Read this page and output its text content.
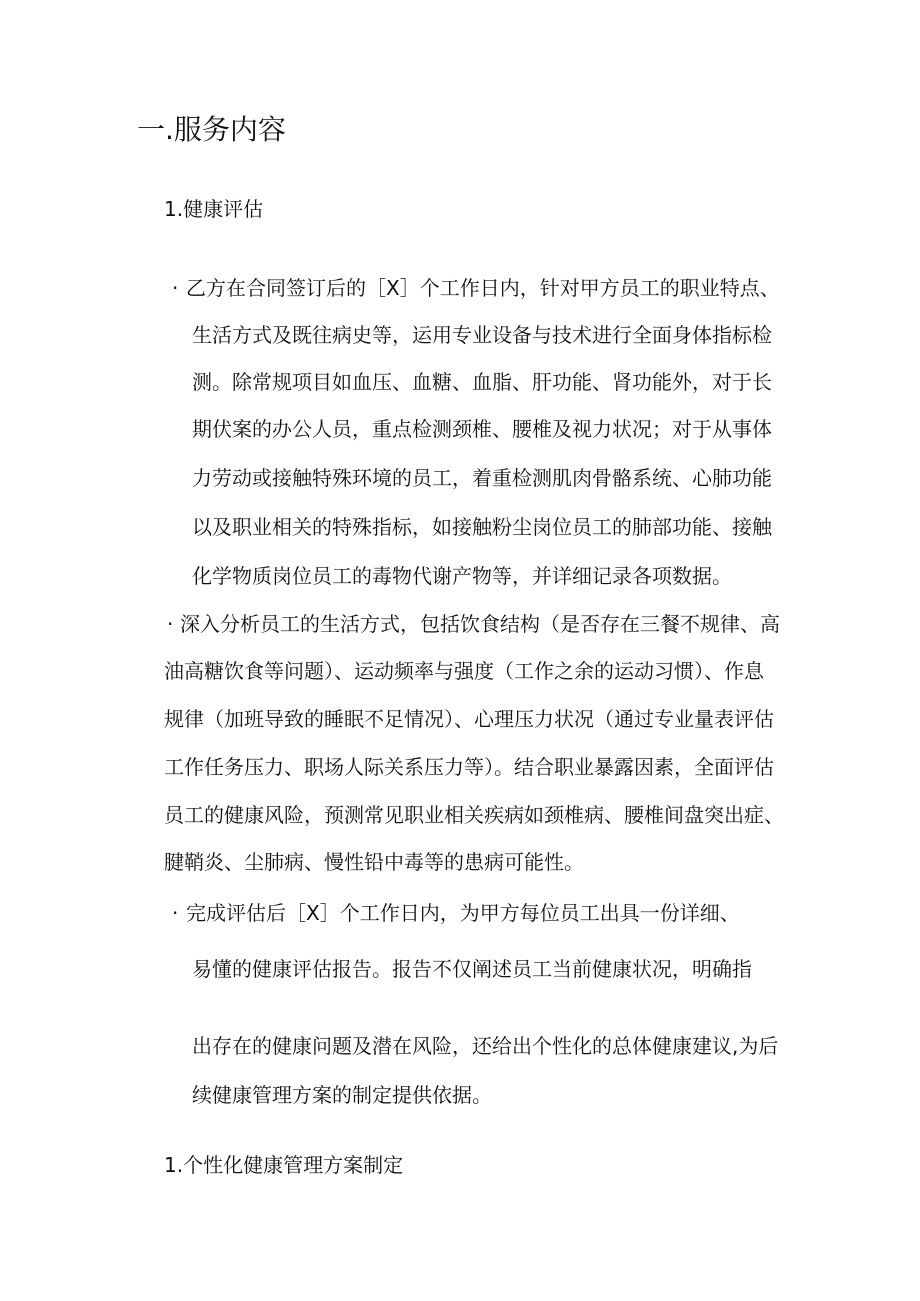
一.服务内容
1.健康评估
· 乙方在合同签订后的［X］个工作日内，针对甲方员工的职业特点、
生活方式及既往病史等，运用专业设备与技术进行全面身体指标检
测。除常规项目如血压、血糖、血脂、肝功能、肾功能外，对于长
期伏案的办公人员，重点检测颈椎、腰椎及视力状况；对于从事体
力劳动或接触特殊环境的员工，着重检测肌肉骨骼系统、心肺功能
以及职业相关的特殊指标，如接触粉尘岗位员工的肺部功能、接触
化学物质岗位员工的毒物代谢产物等，并详细记录各项数据。
· 深入分析员工的生活方式，包括饮食结构（是否存在三餐不规律、高
油高糖饮食等问题）、运动频率与强度（工作之余的运动习惯）、作息
规律（加班导致的睡眠不足情况）、心理压力状况（通过专业量表评估
工作任务压力、职场人际关系压力等）。结合职业暴露因素，全面评估
员工的健康风险，预测常见职业相关疾病如颈椎病、腰椎间盘突出症、
腱鞘炎、尘肺病、慢性铅中毒等的患病可能性。
· 完成评估后［X］个工作日内，为甲方每位员工出具一份详细、
易懂的健康评估报告。报告不仅阐述员工当前健康状况，明确指
出存在的健康问题及潜在风险，还给出个性化的总体健康建议,为后
续健康管理方案的制定提供依据。
1.个性化健康管理方案制定
